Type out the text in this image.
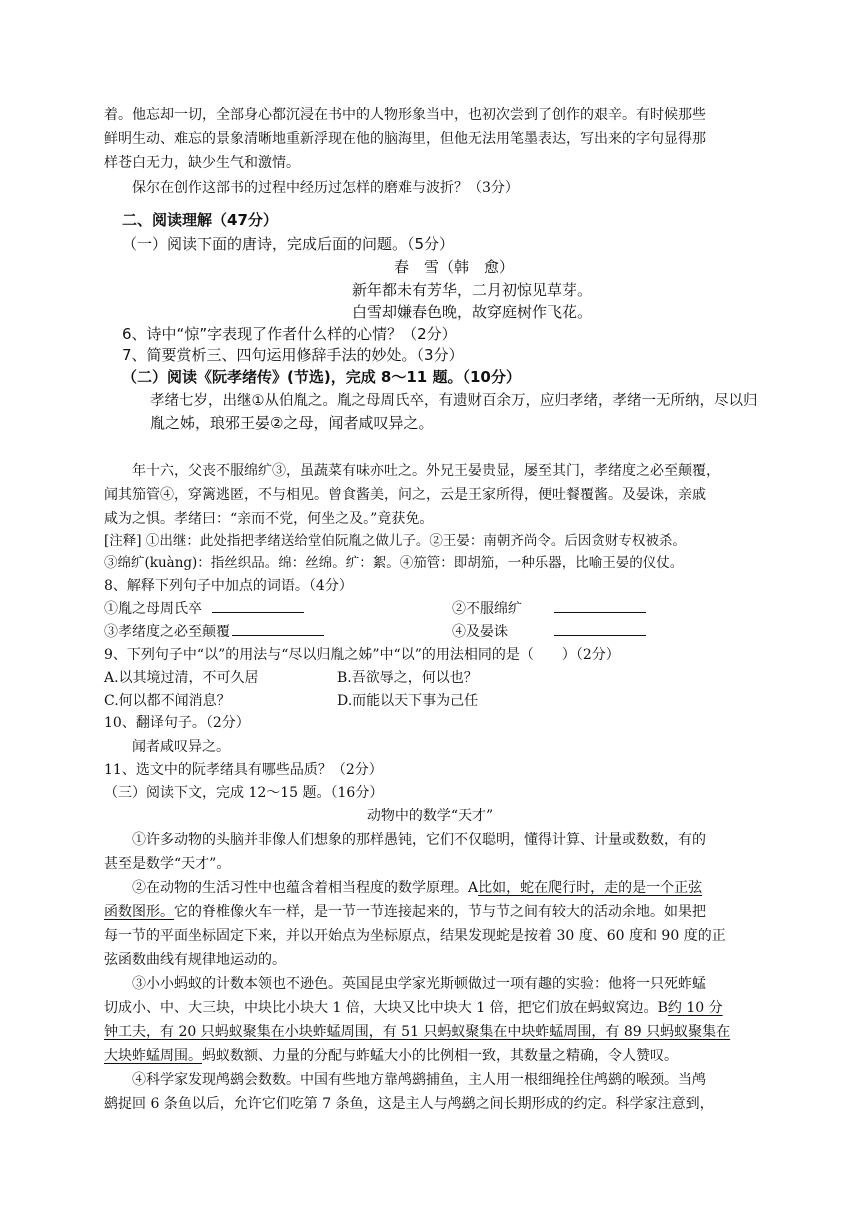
着。他忘却一切，全部身心都沉浸在书中的人物形象当中，也初次尝到了创作的艰辛。有时候那些
鲜明生动、难忘的景象清晰地重新浮现在他的脑海里，但他无法用笔墨表达，写出来的字句显得那
样苍白无力，缺少生气和激情。
保尔在创作这部书的过程中经历过怎样的磨难与波折？（3分）
二、阅读理解（47分）
（一）阅读下面的唐诗，完成后面的问题。（5分）
春　雪（韩　愈）
新年都未有芳华，二月初惊见草芽。
白雪却嫌春色晚，故穿庭树作飞花。
6、诗中“惊”字表现了作者什么样的心情？（2分）
7、简要赏析三、四句运用修辞手法的妙处。（3分）
（二）阅读《阮孝绪传》(节选)，完成 8～11 题。（10分）
孝绪七岁，出继①从伯胤之。胤之母周氏卒，有遗财百余万，应归孝绪，孝绪一无所纳，尽以归
胤之姊，琅邪王晏②之母，闻者咸叹异之。
年十六，父丧不服绵纩③，虽蔬菜有味亦吐之。外兄王晏贵显，屡至其门，孝绪度之必至颠覆，
闻其笳管④，穿篱逃匿，不与相见。曾食酱美，问之，云是王家所得，便吐餐覆酱。及晏诛，亲戚
咸为之惧。孝绪曰：“亲而不党，何坐之及。”竟获免。
[注释] ①出继：此处指把孝绪送给堂伯阮胤之做儿子。②王晏：南朝齐尚令。后因贪财专权被杀。
③绵纩(kuàng)：指丝织品。绵：丝绵。纩：絮。④笳管：即胡笳，一种乐器，比喻王晏的仪仗。
8、解释下列句子中加点的词语。（4分）
①胤之母周氏卒	②不服绵纩
③孝绪度之必至颠覆	④及晏诛
9、下列句子中“以”的用法与“尽以归胤之姊”中“以”的用法相同的是（　　）（2分）
A.以其境过清，不可久居	B.吾欲辱之，何以也？
C.何以都不闻消息？	D.而能以天下事为己任
10、翻译句子。（2分）
闻者咸叹异之。
11、选文中的阮孝绪具有哪些品质？（2分）
（三）阅读下文，完成 12～15 题。（16分）
动物中的数学“天才”
①许多动物的头脑并非像人们想象的那样愚钝，它们不仅聪明，懂得计算、计量或数数，有的
甚至是数学“天才”。
②在动物的生活习性中也蕴含着相当程度的数学原理。A比如，蛇在爬行时，走的是一个正弦
函数图形。它的脊椎像火车一样，是一节一节连接起来的，节与节之间有较大的活动余地。如果把
每一节的平面坐标固定下来，并以开始点为坐标原点，结果发现蛇是按着 30 度、60 度和 90 度的正
弦函数曲线有规律地运动的。
③小小蚂蚁的计数本领也不逊色。英国昆虫学家光斯顿做过一项有趣的实验：他将一只死蚱蜢
切成小、中、大三块，中块比小块大 1 倍，大块又比中块大 1 倍，把它们放在蚂蚁窝边。B约 10 分
钟工夫，有 20 只蚂蚁聚集在小块蚱蜢周围，有 51 只蚂蚁聚集在中块蚱蜢周围，有 89 只蚂蚁聚集在
大块蚱蜢周围。蚂蚁数额、力量的分配与蚱蜢大小的比例相一致，其数量之精确，令人赞叹。
④科学家发现鸬鹚会数数。中国有些地方靠鸬鹚捕鱼，主人用一根细绳拴住鸬鹚的喉颈。当鸬
鹚捉回 6 条鱼以后，允许它们吃第 7 条鱼，这是主人与鸬鹚之间长期形成的约定。科学家注意到，
